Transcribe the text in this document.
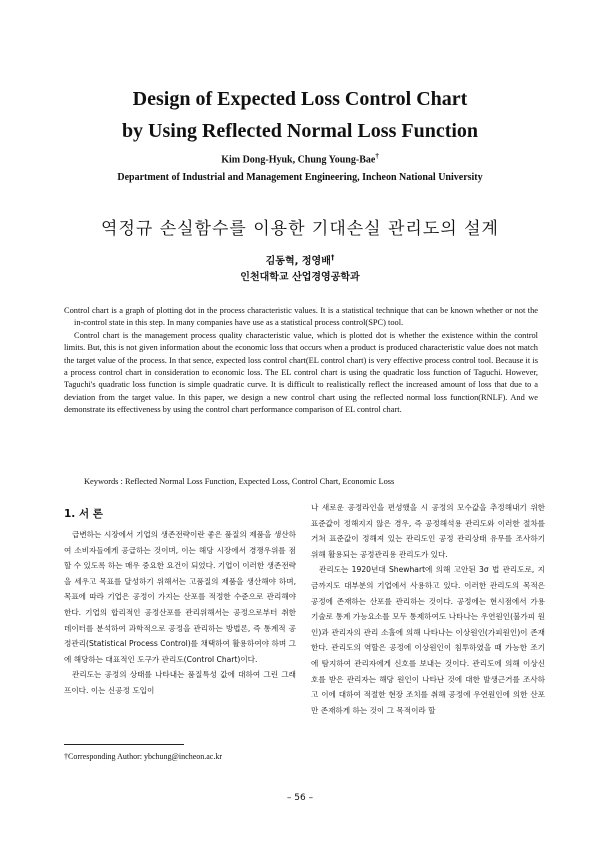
Design of Expected Loss Control Chart
by Using Reflected Normal Loss Function
Kim Dong-Hyuk, Chung Young-Bae†
Department of Industrial and Management Engineering, Incheon National University
역정규 손실함수를 이용한 기대손실 관리도의 설계
김동혁, 정영배†
인천대학교 산업경영공학과

Control chart is a graph of plotting dot in the process characteristic values. It is a statistical technique that can be known whether or not the in-control state in this step. In many companies have use as a statistical process control(SPC) tool.

Control chart is the management process quality characteristic value, which is plotted dot is whether the existence within the control limits. But, this is not given information about the economic loss that occurs when a product is produced characteristic value does not match the target value of the process. In that sence, expected loss control chart(EL control chart) is very effective process control tool. Because it is a process control chart in consideration to economic loss. The EL control chart is using the quadratic loss function of Taguchi. However, Taguchi's quadratic loss function is simple quadratic curve. It is difficult to realistically reflect the increased amount of loss that due to a deviation from the target value. In this paper, we design a new control chart using the reflected normal loss function(RNLF). And we demonstrate its effectiveness by using the control chart performance comparison of EL control chart.

Keywords : Reflected Normal Loss Function, Expected Loss, Control Chart, Economic Loss
1. 서 론

급변하는 시장에서 기업의 생존전략이란 좋은 품질의 제품을 생산하여 소비자들에게 공급하는 것이며, 이는 해당 시장에서 경쟁우위를 점할 수 있도록 하는 매우 중요한 요건이 되었다. 기업이 이러한 생존전략을 세우고 목표를 달성하기 위해서는 고품질의 제품을 생산해야 하며, 목표에 따라 기업은 공정이 가지는 산포를 적정한 수준으로 관리해야 한다. 기업의 합리적인 공정산포를 관리위해서는 공정으로부터 취한 데이터를 분석하여 과학적으로 공정을 관리하는 방법론, 즉 통계적 공정관리(Statistical Process Control)를 채택하여 활용하여야 하며 그에 해당하는 대표적인 도구가 관리도(Control Chart)이다.

관리도는 공정의 상태를 나타내는 품질특성 값에 대하여 그린 그래프이다. 이는 신공정 도입이

나 새로운 공정라인을 편성했을 시 공정의 모수값을 추정해내기 위한 표준값이 정해지지 않은 경우, 즉 공정해석용 관리도와 이러한 절차를 거쳐 표준값이 정해져 있는 관리도인 공정 관리상태 유무를 조사하기 위해 활용되는 공정관리용 관리도가 있다.

관리도는 1920년대 Shewhart에 의해 고안된 3σ 법 관리도로, 지금까지도 대부분의 기업에서 사용하고 있다. 이러한 관리도의 목적은 공정에 존재하는 산포를 관리하는 것이다. 공정에는 현시점에서 가용 기술로 통계 가능요소를 모두 통제하여도 나타나는 우연원인(불가피 원인)과 관리자의 관리 소홀에 의해 나타나는 이상원인(가피원인)이 존재 한다. 관리도의 역할은 공정에 이상원인이 침투하였을 때 가능한 조기에 탐지하여 관리자에게 신호를 보내는 것이다. 관리도에 의해 이상신호를 받은 관리자는 해당 원인이 나타난 것에 대한 발생근거를 조사하고 이에 대하여 적절한 현장 조치를 취해 공정에 우연원인에 의한 산포만 존재하게 하는 것이 그 목적이라 할

†Corresponding Author: ybchung@incheon.ac.kr
– 56 –
